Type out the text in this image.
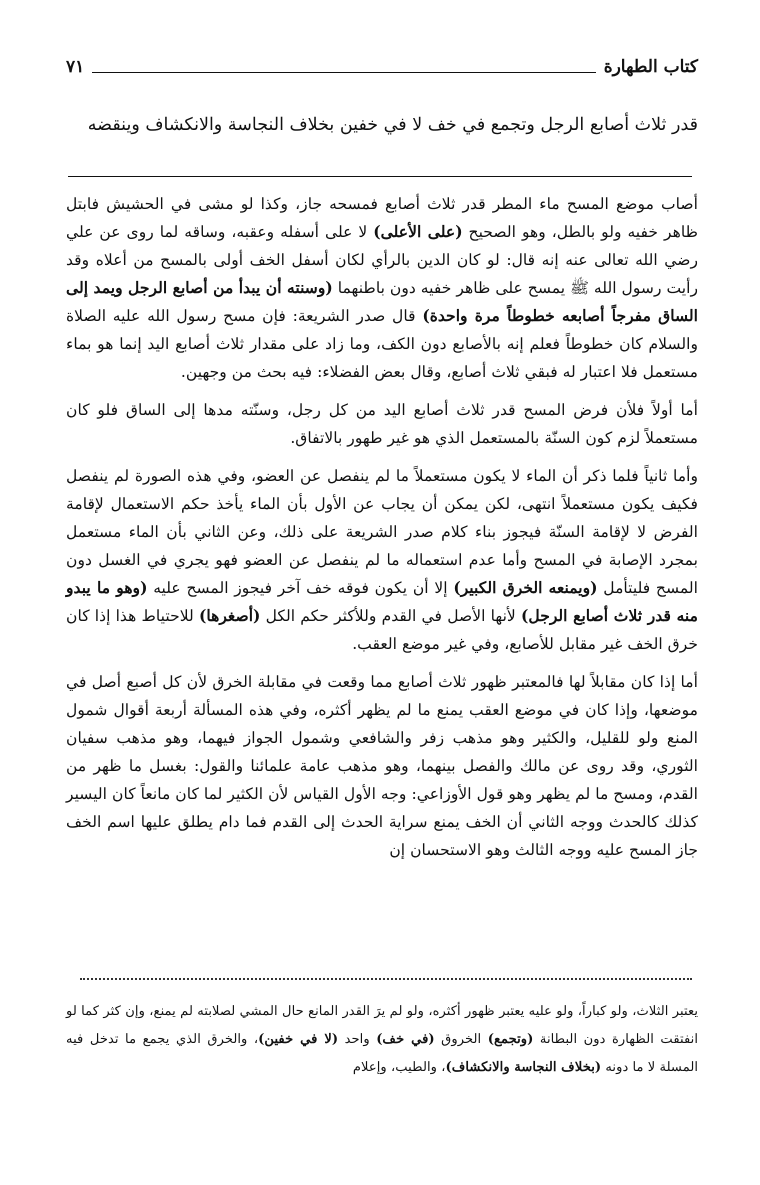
كتاب الطهارة
٧١
قدر ثلاث أصابع الرجل وتجمع في خف لا في خفين بخلاف النجاسة والانكشاف وينقضه

أصاب موضع المسح ماء المطر قدر ثلاث أصابع فمسحه جاز، وكذا لو مشى في الحشيش فابتل ظاهر خفيه ولو بالطل، وهو الصحيح (على الأعلى) لا على أسفله وعقبه، وساقه لما روى عن علي رضي الله تعالى عنه إنه قال: لو كان الدين بالرأي لكان أسفل الخف أولى بالمسح من أعلاه وقد رأيت رسول الله ﷺ يمسح على ظاهر خفيه دون باطنهما (وسنته أن يبدأ من أصابع الرجل ويمد إلى الساق مفرجاً أصابعه خطوطاً مرة واحدة) قال صدر الشريعة: فإن مسح رسول الله عليه الصلاة والسلام كان خطوطاً فعلم إنه بالأصابع دون الكف، وما زاد على مقدار ثلاث أصابع اليد إنما هو بماء مستعمل فلا اعتبار له فبقي ثلاث أصابع، وقال بعض الفضلاء: فيه بحث من وجهين.

أما أولاً فلأن فرض المسح قدر ثلاث أصابع اليد من كل رجل، وسنّته مدها إلى الساق فلو كان مستعملاً لزم كون السنّة بالمستعمل الذي هو غير طهور بالاتفاق.

وأما ثانياً فلما ذكر أن الماء لا يكون مستعملاً ما لم ينفصل عن العضو، وفي هذه الصورة لم ينفصل فكيف يكون مستعملاً انتهى، لكن يمكن أن يجاب عن الأول بأن الماء يأخذ حكم الاستعمال لإقامة الفرض لا لإقامة السنّة فيجوز بناء كلام صدر الشريعة على ذلك، وعن الثاني بأن الماء مستعمل بمجرد الإصابة في المسح وأما عدم استعماله ما لم ينفصل عن العضو فهو يجري في الغسل دون المسح فليتأمل (ويمنعه الخرق الكبير) إلا أن يكون فوقه خف آخر فيجوز المسح عليه (وهو ما يبدو منه قدر ثلاث أصابع الرجل) لأنها الأصل في القدم وللأكثر حكم الكل (أصغرها) للاحتياط هذا إذا كان خرق الخف غير مقابل للأصابع، وفي غير موضع العقب.

أما إذا كان مقابلاً لها فالمعتبر ظهور ثلاث أصابع مما وقعت في مقابلة الخرق لأن كل أصبع أصل في موضعها، وإذا كان في موضع العقب يمنع ما لم يظهر أكثره، وفي هذه المسألة أربعة أقوال شمول المنع ولو للقليل، والكثير وهو مذهب زفر والشافعي وشمول الجواز فيهما، وهو مذهب سفيان الثوري، وقد روى عن مالك والفصل بينهما، وهو مذهب عامة علمائنا والقول: بغسل ما ظهر من القدم، ومسح ما لم يظهر وهو قول الأوزاعي: وجه الأول القياس لأن الكثير لما كان مانعاً كان اليسير كذلك كالحدث ووجه الثاني أن الخف يمنع سراية الحدث إلى القدم فما دام يطلق عليها اسم الخف جاز المسح عليه ووجه الثالث وهو الاستحسان إن

يعتبر الثلاث، ولو كباراً، ولو عليه يعتبر ظهور أكثره، ولو لم يرَ القدر المانع حال المشي لصلابته لم يمنع، وإن كثر كما لو انفتقت الظهارة دون البطانة (وتجمع) الخروق (في خف) واحد (لا في خفين)، والخرق الذي يجمع ما تدخل فيه المسلة لا ما دونه (بخلاف النجاسة والانكشاف)، والطيب، وإعلام
